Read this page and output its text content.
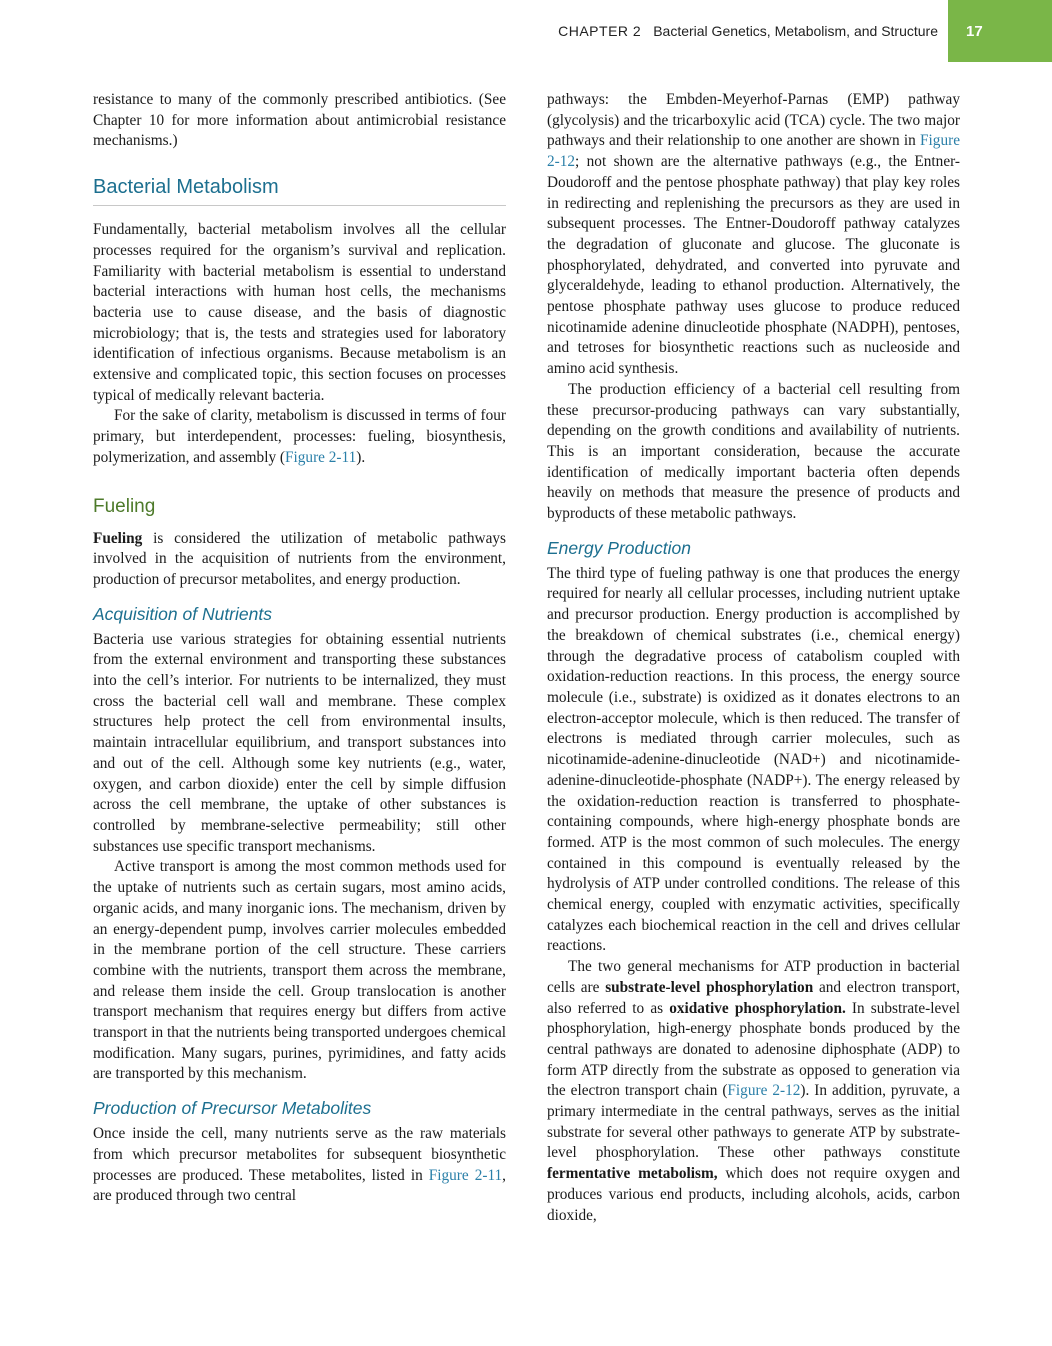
CHAPTER 2 Bacterial Genetics, Metabolism, and Structure	17

resistance to many of the commonly prescribed antibiotics. (See Chapter 10 for more information about antimicrobial resistance mechanisms.)

Bacterial Metabolism

Fundamentally, bacterial metabolism involves all the cellular processes required for the organism’s survival and replication. Familiarity with bacterial metabolism is essential to understand bacterial interactions with human host cells, the mechanisms bacteria use to cause disease, and the basis of diagnostic microbiology; that is, the tests and strategies used for laboratory identification of infectious organisms. Because metabolism is an extensive and complicated topic, this section focuses on processes typical of medically relevant bacteria.

For the sake of clarity, metabolism is discussed in terms of four primary, but interdependent, processes: fueling, biosynthesis, polymerization, and assembly (Figure 2-11).

Fueling

Fueling is considered the utilization of metabolic pathways involved in the acquisition of nutrients from the environment, production of precursor metabolites, and energy production.

Acquisition of Nutrients

Bacteria use various strategies for obtaining essential nutrients from the external environment and transporting these substances into the cell’s interior. For nutrients to be internalized, they must cross the bacterial cell wall and membrane. These complex structures help protect the cell from environmental insults, maintain intracellular equilibrium, and transport substances into and out of the cell. Although some key nutrients (e.g., water, oxygen, and carbon dioxide) enter the cell by simple diffusion across the cell membrane, the uptake of other substances is controlled by membrane-selective permeability; still other substances use specific transport mechanisms.

Active transport is among the most common methods used for the uptake of nutrients such as certain sugars, most amino acids, organic acids, and many inorganic ions. The mechanism, driven by an energy-dependent pump, involves carrier molecules embedded in the membrane portion of the cell structure. These carriers combine with the nutrients, transport them across the membrane, and release them inside the cell. Group translocation is another transport mechanism that requires energy but differs from active transport in that the nutrients being transported undergoes chemical modification. Many sugars, purines, pyrimidines, and fatty acids are transported by this mechanism.

Production of Precursor Metabolites

Once inside the cell, many nutrients serve as the raw materials from which precursor metabolites for subsequent biosynthetic processes are produced. These metabolites, listed in Figure 2-11, are produced through two central

pathways: the Embden-Meyerhof-Parnas (EMP) pathway (glycolysis) and the tricarboxylic acid (TCA) cycle. The two major pathways and their relationship to one another are shown in Figure 2-12; not shown are the alternative pathways (e.g., the Entner-Doudoroff and the pentose phosphate pathway) that play key roles in redirecting and replenishing the precursors as they are used in subsequent processes. The Entner-Doudoroff pathway catalyzes the degradation of gluconate and glucose. The gluconate is phosphorylated, dehydrated, and converted into pyruvate and glyceraldehyde, leading to ethanol production. Alternatively, the pentose phosphate pathway uses glucose to produce reduced nicotinamide adenine dinucleotide phosphate (NADPH), pentoses, and tetroses for biosynthetic reactions such as nucleoside and amino acid synthesis.

The production efficiency of a bacterial cell resulting from these precursor-producing pathways can vary substantially, depending on the growth conditions and availability of nutrients. This is an important consideration, because the accurate identification of medically important bacteria often depends heavily on methods that measure the presence of products and byproducts of these metabolic pathways.

Energy Production

The third type of fueling pathway is one that produces the energy required for nearly all cellular processes, including nutrient uptake and precursor production. Energy production is accomplished by the breakdown of chemical substrates (i.e., chemical energy) through the degradative process of catabolism coupled with oxidation-reduction reactions. In this process, the energy source molecule (i.e., substrate) is oxidized as it donates electrons to an electron-acceptor molecule, which is then reduced. The transfer of electrons is mediated through carrier molecules, such as nicotinamide-adenine-dinucleotide (NAD+) and nicotinamide-adenine-dinucleotide-phosphate (NADP+). The energy released by the oxidation-reduction reaction is transferred to phosphate-containing compounds, where high-energy phosphate bonds are formed. ATP is the most common of such molecules. The energy contained in this compound is eventually released by the hydrolysis of ATP under controlled conditions. The release of this chemical energy, coupled with enzymatic activities, specifically catalyzes each biochemical reaction in the cell and drives cellular reactions.

The two general mechanisms for ATP production in bacterial cells are substrate-level phosphorylation and electron transport, also referred to as oxidative phosphorylation. In substrate-level phosphorylation, high-energy phosphate bonds produced by the central pathways are donated to adenosine diphosphate (ADP) to form ATP directly from the substrate as opposed to generation via the electron transport chain (Figure 2-12). In addition, pyruvate, a primary intermediate in the central pathways, serves as the initial substrate for several other pathways to generate ATP by substrate-level phosphorylation. These other pathways constitute fermentative metabolism, which does not require oxygen and produces various end products, including alcohols, acids, carbon dioxide,
